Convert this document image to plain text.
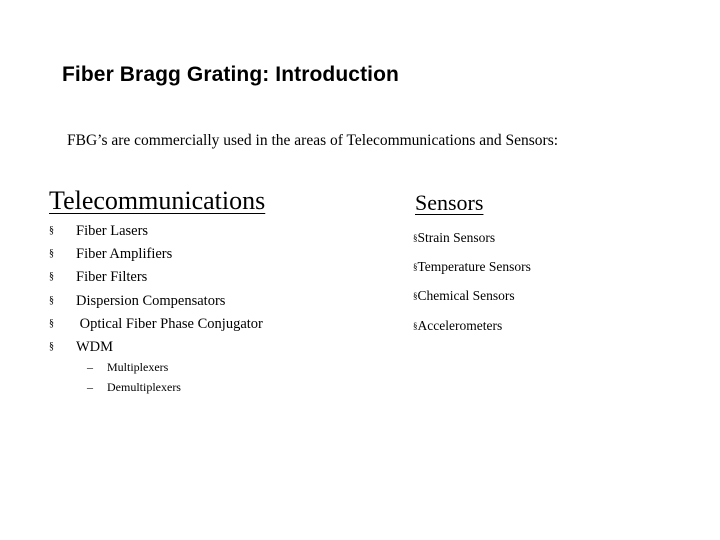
Fiber Bragg Grating: Introduction
FBG’s are commercially used in the areas of Telecommunications and Sensors:
Telecommunications
§ Fiber Lasers
§ Fiber Amplifiers
§ Fiber Filters
§ Dispersion Compensators
§ Optical Fiber Phase Conjugator
§ WDM
– Multiplexers
– Demultiplexers
Sensors
§Strain Sensors
§Temperature Sensors
§Chemical Sensors
§Accelerometers
